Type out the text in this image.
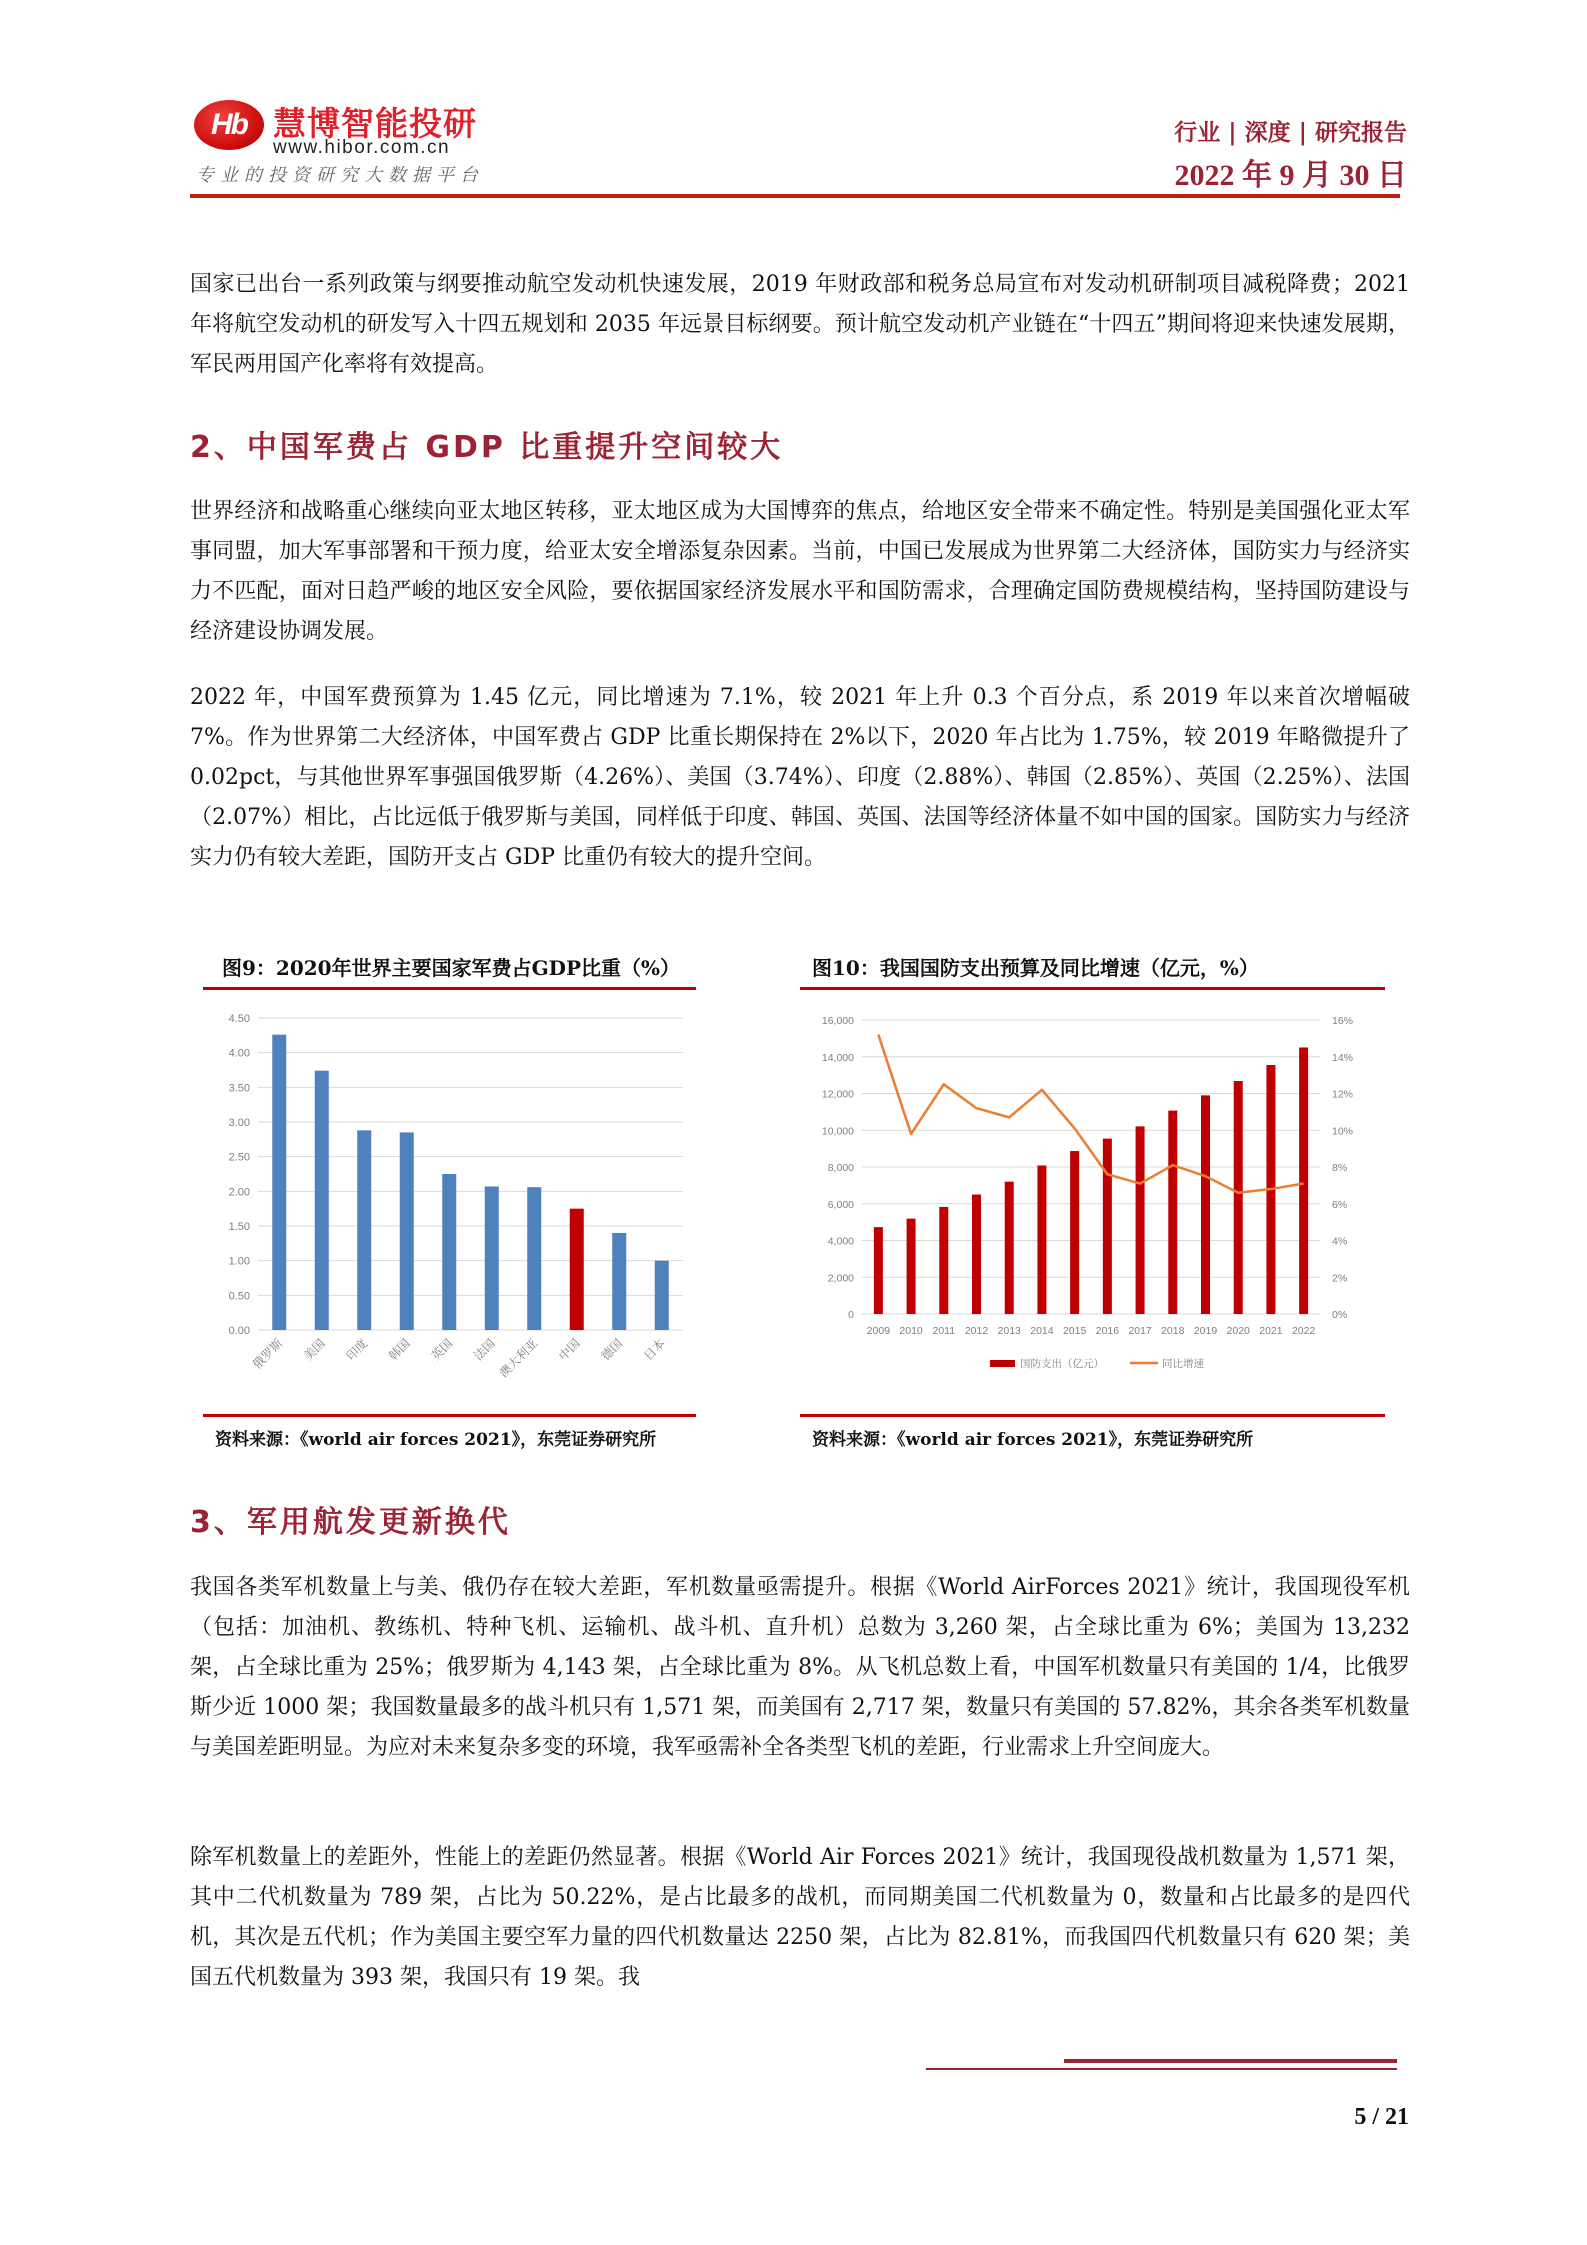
Hb 慧博智能投研
www.hibor.com.cn
专业的投资研究大数据平台
行业 | 深度 | 研究报告
2022 年 9 月 30 日
国家已出台一系列政策与纲要推动航空发动机快速发展，2019 年财政部和税务总局宣布对发动机研制项目减税降费；2021 年将航空发动机的研发写入十四五规划和 2035 年远景目标纲要。预计航空发动机产业链在“十四五”期间将迎来快速发展期，军民两用国产化率将有效提高。
2、中国军费占 GDP 比重提升空间较大
世界经济和战略重心继续向亚太地区转移，亚太地区成为大国博弈的焦点，给地区安全带来不确定性。特别是美国强化亚太军事同盟，加大军事部署和干预力度，给亚太安全增添复杂因素。当前，中国已发展成为世界第二大经济体，国防实力与经济实力不匹配，面对日趋严峻的地区安全风险，要依据国家经济发展水平和国防需求，合理确定国防费规模结构，坚持国防建设与经济建设协调发展。
2022 年，中国军费预算为 1.45 亿元，同比增速为 7.1%，较 2021 年上升 0.3 个百分点，系 2019 年以来首次增幅破 7%。作为世界第二大经济体，中国军费占 GDP 比重长期保持在 2%以下，2020 年占比为 1.75%，较 2019 年略微提升了 0.02pct，与其他世界军事强国俄罗斯（4.26%）、美国（3.74%）、印度（2.88%）、韩国（2.85%）、英国（2.25%）、法国（2.07%）相比，占比远低于俄罗斯与美国，同样低于印度、韩国、英国、法国等经济体量不如中国的国家。国防实力与经济实力仍有较大差距，国防开支占 GDP 比重仍有较大的提升空间。
图9：2020年世界主要国家军费占GDP比重（%）
0.00
0.50
1.00
1.50
2.00
2.50
3.00
3.50
4.00
4.50
俄罗斯 美国 印度 韩国 英国 法国
澳大利亚 中国 德国 日本
资料来源：《world air forces 2021》，东莞证券研究所
图10：我国国防支出预算及同比增速（亿元，%）
0	0%
2,000	2%
4,000	4%
6,000	6%
8,000	8%
10,000	10%
12,000	12%
14,000	14%
16,000	16%
2009 2010 2011 2012 2013 2014 2015 2016 2017 2018 2019 2020 2021 2022
国防支出（亿元）	同比增速
资料来源：《world air forces 2021》，东莞证券研究所
3、军用航发更新换代
我国各类军机数量上与美、俄仍存在较大差距，军机数量亟需提升。根据《World AirForces 2021》统计，我国现役军机（包括：加油机、教练机、特种飞机、运输机、战斗机、直升机）总数为 3,260 架，占全球比重为 6%；美国为 13,232 架，占全球比重为 25%；俄罗斯为 4,143 架，占全球比重为 8%。从飞机总数上看，中国军机数量只有美国的 1/4，比俄罗斯少近 1000 架；我国数量最多的战斗机只有 1,571 架，而美国有 2,717 架，数量只有美国的 57.82%，其余各类军机数量与美国差距明显。为应对未来复杂多变的环境，我军亟需补全各类型飞机的差距，行业需求上升空间庞大。
除军机数量上的差距外，性能上的差距仍然显著。根据《World Air Forces 2021》统计，我国现役战机数量为 1,571 架，其中二代机数量为 789 架，占比为 50.22%，是占比最多的战机，而同期美国二代机数量为 0，数量和占比最多的是四代机，其次是五代机；作为美国主要空军力量的四代机数量达 2250 架，占比为 82.81%，而我国四代机数量只有 620 架；美国五代机数量为 393 架，我国只有 19 架。我
5 / 21
